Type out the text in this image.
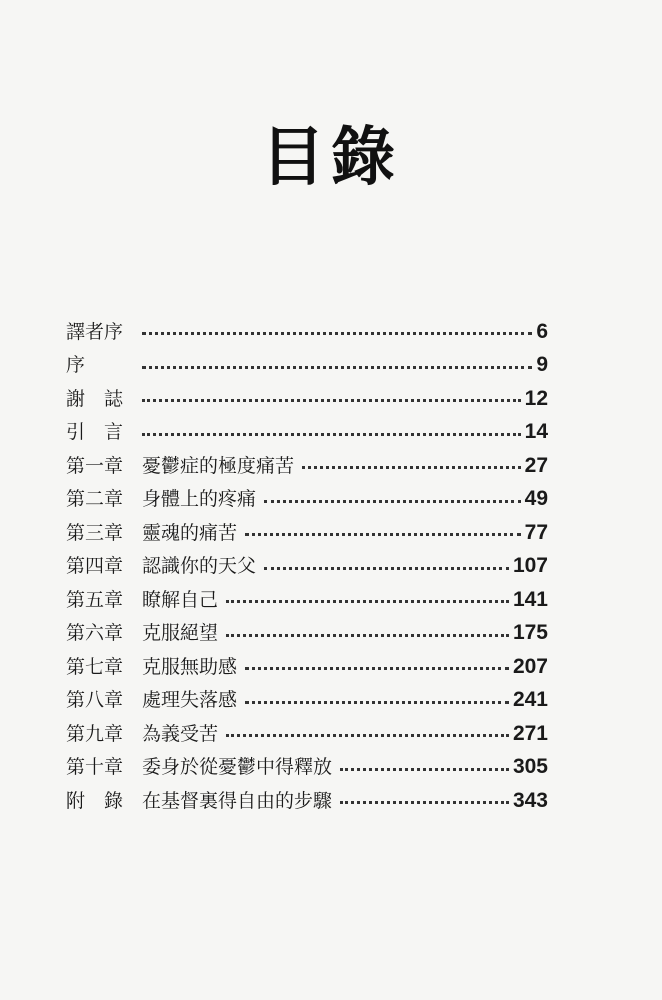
目錄
譯者序	6
序	9
謝　誌	12
引　言	14
第一章 憂鬱症的極度痛苦	27
第二章 身體上的疼痛	49
第三章 靈魂的痛苦	77
第四章 認識你的天父	107
第五章 瞭解自己	141
第六章 克服絕望	175
第七章 克服無助感	207
第八章 處理失落感	241
第九章 為義受苦	271
第十章 委身於從憂鬱中得釋放	305
附　錄 在基督裏得自由的步驟	343
